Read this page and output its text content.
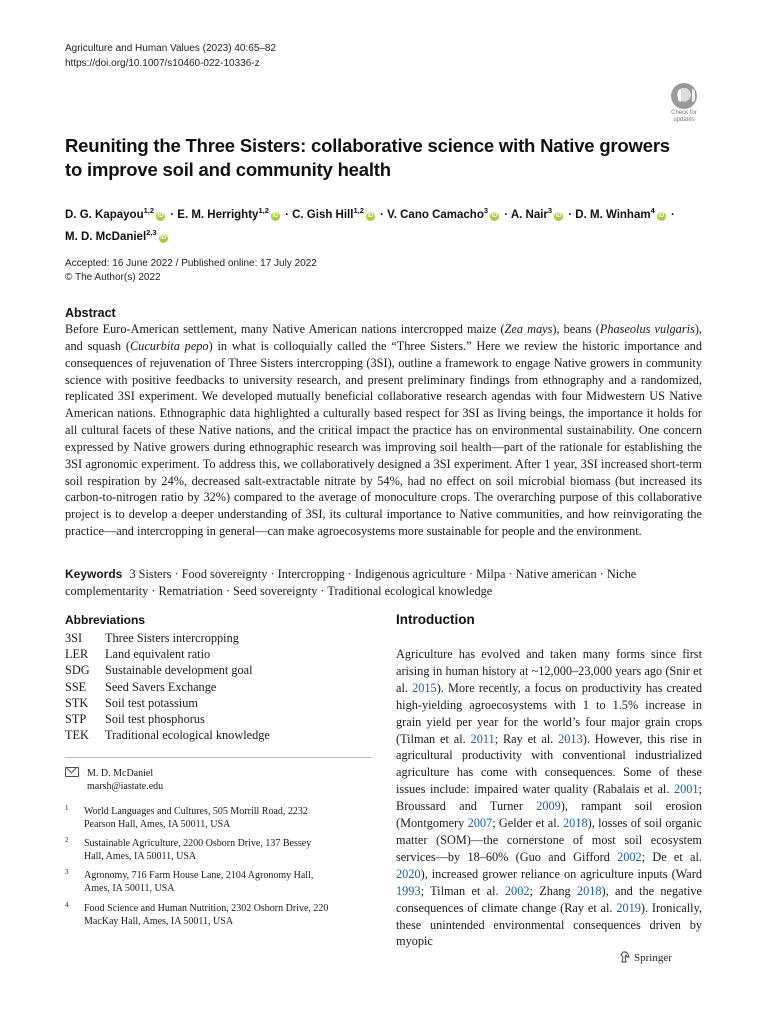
Agriculture and Human Values (2023) 40:65–82
https://doi.org/10.1007/s10460-022-10336-z
Check for
updates
Reuniting the Three Sisters: collaborative science with Native growers
to improve soil and community health
D. G. Kapayou$^{1,2}$iD · E. M. Herrighty$^{1,2}$iD · C. Gish Hill$^{1,2}$iD · V. Cano Camacho$^3$iD · A. Nair$^3$iD · D. M. Winham$^4$iD ·
M. D. McDaniel$^{2,3}$iD
Accepted: 16 June 2022 / Published online: 17 July 2022
© The Author(s) 2022
Abstract
Before Euro-American settlement, many Native American nations intercropped maize (Zea mays), beans (Phaseolus vulgaris), and squash (Cucurbita pepo) in what is colloquially called the “Three Sisters.” Here we review the historic importance and consequences of rejuvenation of Three Sisters intercropping (3SI), outline a framework to engage Native growers in community science with positive feedbacks to university research, and present preliminary findings from ethnography and a randomized, replicated 3SI experiment. We developed mutually beneficial collaborative research agendas with four Midwestern US Native American nations. Ethnographic data highlighted a culturally based respect for 3SI as living beings, the importance it holds for all cultural facets of these Native nations, and the critical impact the practice has on environmental sustainability. One concern expressed by Native growers during ethnographic research was improving soil health—part of the rationale for establishing the 3SI agronomic experiment. To address this, we collaboratively designed a 3SI experiment. After 1 year, 3SI increased short-term soil respiration by 24%, decreased salt-extractable nitrate by 54%, had no effect on soil microbial biomass (but increased its carbon-to-nitrogen ratio by 32%) compared to the average of monoculture crops. The overarching purpose of this collaborative project is to develop a deeper understanding of 3SI, its cultural importance to Native communities, and how reinvigorating the practice—and intercropping in general—can make agroecosystems more sustainable for people and the environment.
Keywords 3 Sisters · Food sovereignty · Intercropping · Indigenous agriculture · Milpa · Native american · Niche complementarity · Rematriation · Seed sovereignty · Traditional ecological knowledge
Abbreviations
3SI Three Sisters intercropping
LER Land equivalent ratio
SDG Sustainable development goal
SSE Seed Savers Exchange
STK Soil test potassium
STP Soil test phosphorus
TEK Traditional ecological knowledge
M. D. McDaniel
marsh@iastate.edu
1 World Languages and Cultures, 505 Morrill Road, 2232
Pearson Hall, Ames, IA 50011, USA
2 Sustainable Agriculture, 2200 Osborn Drive, 137 Bessey
Hall, Ames, IA 50011, USA
3 Agronomy, 716 Farm House Lane, 2104 Agronomy Hall,
Ames, IA 50011, USA
4 Food Science and Human Nutrition, 2302 Osborn Drive, 220
MacKay Hall, Ames, IA 50011, USA
Introduction
Agriculture has evolved and taken many forms since first arising in human history at ~12,000–23,000 years ago (Snir et al. 2015). More recently, a focus on productivity has created high-yielding agroecosystems with 1 to 1.5% increase in grain yield per year for the world’s four major grain crops (Tilman et al. 2011; Ray et al. 2013). However, this rise in agricultural productivity with conventional industrialized agriculture has come with consequences. Some of these issues include: impaired water quality (Rabalais et al. 2001; Broussard and Turner 2009), rampant soil erosion (Montgomery 2007; Gelder et al. 2018), losses of soil organic matter (SOM)—the cornerstone of most soil ecosystem services—by 18–60% (Guo and Gifford 2002; De et al. 2020), increased grower reliance on agriculture inputs (Ward 1993; Tilman et al. 2002; Zhang 2018), and the negative consequences of climate change (Ray et al. 2019). Ironically, these unintended environmental consequences driven by myopic
Springer
